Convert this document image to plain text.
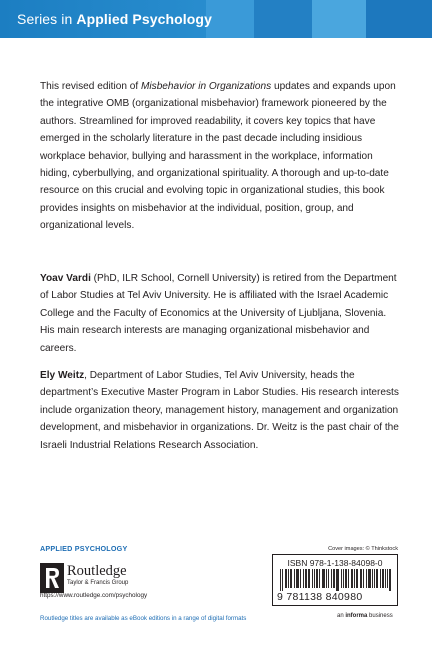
Series in Applied Psychology
This revised edition of Misbehavior in Organizations updates and expands upon the integrative OMB (organizational misbehavior) framework pioneered by the authors. Streamlined for improved readability, it covers key topics that have emerged in the scholarly literature in the past decade including insidious workplace behavior, bullying and harassment in the workplace, information hiding, cyberbullying, and organizational spirituality. A thorough and up-to-date resource on this crucial and evolving topic in organizational studies, this book provides insights on misbehavior at the individual, position, group, and organizational levels.
Yoav Vardi (PhD, ILR School, Cornell University) is retired from the Department of Labor Studies at Tel Aviv University. He is affiliated with the Israel Academic College and the Faculty of Economics at the University of Ljubljana, Slovenia. His main research interests are managing organizational misbehavior and careers.
Ely Weitz, Department of Labor Studies, Tel Aviv University, heads the department’s Executive Master Program in Labor Studies. His research interests include organization theory, management history, management and organization development, and misbehavior in organizations. Dr. Weitz is the past chair of the Israeli Industrial Relations Research Association.
APPLIED PSYCHOLOGY
Routledge
Taylor & Francis Group
https://www.routledge.com/psychology
Routledge titles are available as eBook editions in a range of digital formats
Cover images: © Thinkstock
ISBN 978-1-138-84098-0
9 781138 840980
an informa business
